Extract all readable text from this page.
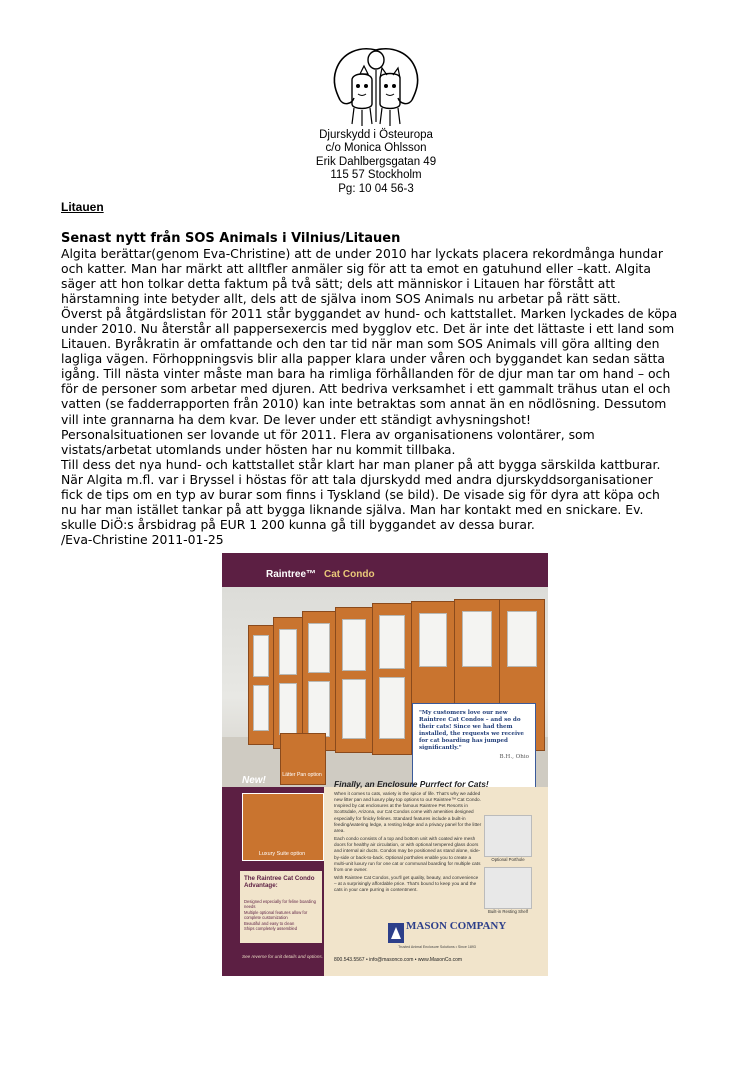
Djurskydd i Östeuropa
c/o Monica Ohlsson
Erik Dahlbergsgatan 49
115 57 Stockholm
Pg: 10 04 56-3
Litauen
Senast nytt från SOS Animals i Vilnius/Litauen
Algita berättar(genom Eva-Christine) att de under 2010 har lyckats placera rekordmånga hundar
och katter. Man har märkt att alltfler anmäler sig för att ta emot en gatuhund eller –katt. Algita
säger att hon tolkar detta faktum på två sätt; dels att människor i Litauen har förstått att
härstamning inte betyder allt, dels att de själva inom SOS Animals nu arbetar på rätt sätt.
Överst på åtgärdslistan för 2011 står byggandet av hund- och kattstallet. Marken lyckades de köpa
under 2010. Nu återstår all pappersexercis med bygglov etc. Det är inte det lättaste i ett land som
Litauen. Byråkratin är omfattande och den tar tid när man som SOS Animals vill göra allting den
lagliga vägen. Förhoppningsvis blir alla papper klara under våren och byggandet kan sedan sätta
igång. Till nästa vinter måste man bara ha rimliga förhållanden för de djur man tar om hand – och
för de personer som arbetar med djuren. Att bedriva verksamhet i ett gammalt trähus utan el och
vatten (se fadderrapporten från 2010) kan inte betraktas som annat än en nödlösning. Dessutom
vill inte grannarna ha dem kvar. De lever under ett ständigt avhysningshot!
Personalsituationen ser lovande ut för 2011. Flera av organisationens volontärer, som
vistats/arbetat utomlands under hösten har nu kommit tillbaka.
Till dess det nya hund- och kattstallet står klart har man planer på att bygga särskilda kattburar.
När Algita m.fl. var i Bryssel i höstas för att tala djurskydd med andra djurskyddsorganisationer
fick de tips om en typ av burar som finns i Tyskland (se bild). De visade sig för dyra att köpa och
nu har man istället tankar på att bygga liknande själva. Man har kontakt med en snickare. Ev.
skulle DiÖ:s årsbidrag på EUR 1 200 kunna gå till byggandet av dessa burar.
/Eva-Christine 2011-01-25
Raintree™ Cat Condo
"My customers love our new Raintree Cat Condos – and so do their cats! Since we had them installed, the requests we receive for cat boarding has jumped significantly."
B.H., Ohio
Lätter Pan option
New!
Luxury Suite option
The Raintree Cat Condo Advantage:
Designed especially for feline boarding needs
Multiple optional features allow for complete customization
Beautiful and easy to clean
Ships completely assembled
See reverse for unit details and options.
Finally, an Enclosure Purrfect for Cats!

When it comes to cats, variety is the spice of life. That's why we added new litter pan and luxury play top options to our Raintree™ Cat Condo. Inspired by cat enclosures at the famous Raintree Pet Resorts in Scottsdale, Arizona, our Cat Condos come with amenities designed especially for finicky felines. Standard features include a built-in feeding/watering ledge, a resting ledge and a privacy panel for the litter area.

Each condo consists of a top and bottom unit with coated wire mesh doors for healthy air circulation, or with optional tempered glass doors and internal air ducts. Condos may be positioned as stand alone, side-by-side or back-to-back. Optional portholes enable you to create a multi-unit luxury run for one cat or communal boarding for multiple cats from one owner.

With Raintree Cat Condos, you'll get quality, beauty, and convenience – at a surprisingly affordable price. That's bound to keep you and the cats in your care purring in contentment.

Optional Porthole
Built-in Resting Shelf
MASON COMPANY
Trusted Animal Enclosure Solutions • Since 1893
800.543.5567 • info@masonco.com • www.MasonCo.com
